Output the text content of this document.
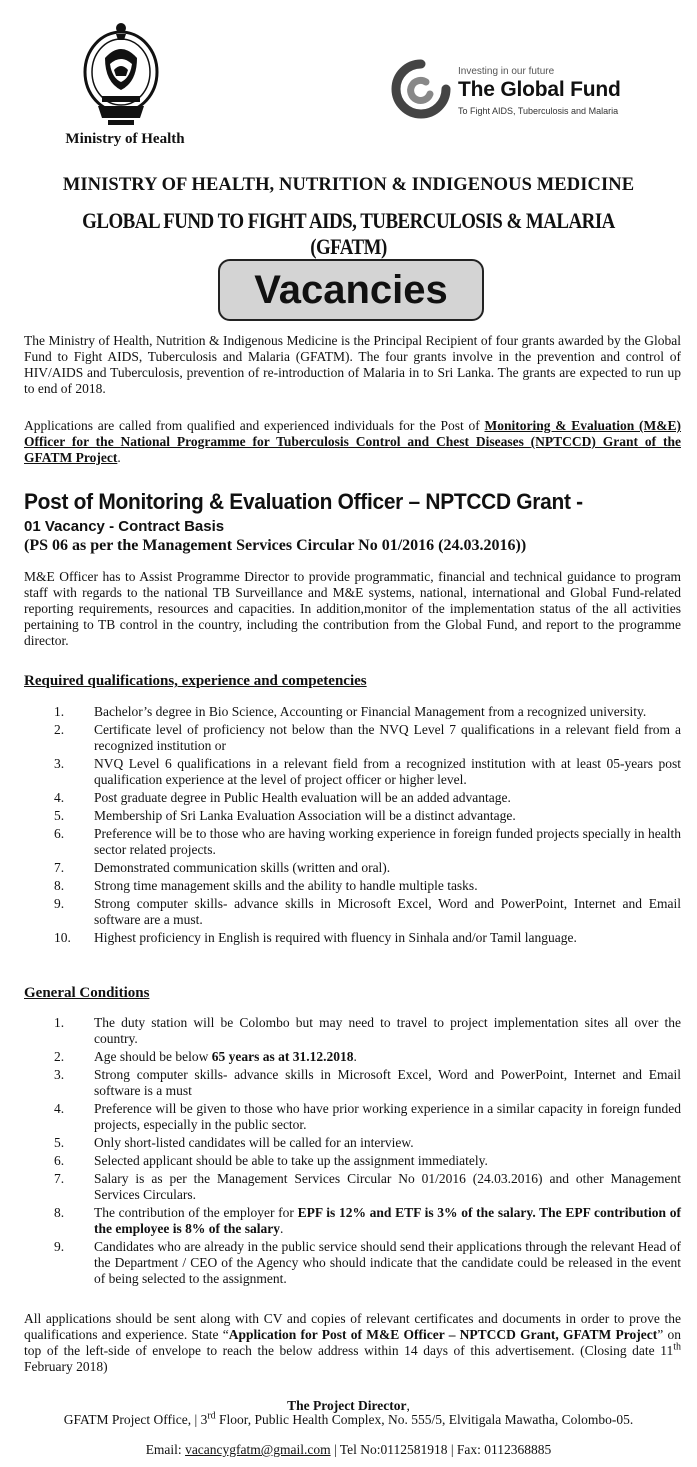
Ministry of Health
Investing in our future
The Global Fund
To Fight AIDS, Tuberculosis and Malaria
MINISTRY OF HEALTH, NUTRITION & INDIGENOUS MEDICINE
GLOBAL FUND TO FIGHT AIDS, TUBERCULOSIS & MALARIA (GFATM)
Vacancies
The Ministry of Health, Nutrition & Indigenous Medicine is the Principal Recipient of four grants awarded by the Global Fund to Fight AIDS, Tuberculosis and Malaria (GFATM). The four grants involve in the prevention and control of HIV/AIDS and Tuberculosis, prevention of re-introduction of Malaria in to Sri Lanka. The grants are expected to run up to end of 2018.
Applications are called from qualified and experienced individuals for the Post of Monitoring & Evaluation (M&E) Officer for the National Programme for Tuberculosis Control and Chest Diseases (NPTCCD) Grant of the GFATM Project.
Post of Monitoring & Evaluation Officer – NPTCCD Grant -
01 Vacancy - Contract Basis
(PS 06 as per the Management Services Circular No 01/2016 (24.03.2016))
M&E Officer has to Assist Programme Director to provide programmatic, financial and technical guidance to program staff with regards to the national TB Surveillance and M&E systems, national, international and Global Fund-related reporting requirements, resources and capacities. In addition,monitor of the implementation status of the all activities pertaining to TB control in the country, including the contribution from the Global Fund, and report to the programme director.
Required qualifications, experience and competencies
1.	Bachelor’s degree in Bio Science, Accounting or Financial Management from a recognized university.
2.	Certificate level of proficiency not below than the NVQ Level 7 qualifications in a relevant field from a recognized institution or
3.	NVQ Level 6 qualifications in a relevant field from a recognized institution with at least 05-years post qualification experience at the level of project officer or higher level.
4.	Post graduate degree in Public Health evaluation will be an added advantage.
5.	Membership of Sri Lanka Evaluation Association will be a distinct advantage.
6.	Preference will be to those who are having working experience in foreign funded projects specially in health sector related projects.
7.	Demonstrated communication skills (written and oral).
8.	Strong time management skills and the ability to handle multiple tasks.
9.	Strong computer skills- advance skills in Microsoft Excel, Word and PowerPoint, Internet and Email software are a must.
10.	Highest proficiency in English is required with fluency in Sinhala and/or Tamil language.
General Conditions
1.	The duty station will be Colombo but may need to travel to project implementation sites all over the country.
2.	Age should be below 65 years as at 31.12.2018.
3.	Strong computer skills- advance skills in Microsoft Excel, Word and PowerPoint, Internet and Email software is a must
4.	Preference will be given to those who have prior working experience in a similar capacity in foreign funded projects, especially in the public sector.
5.	Only short-listed candidates will be called for an interview.
6.	Selected applicant should be able to take up the assignment immediately.
7.	Salary is as per the Management Services Circular No 01/2016 (24.03.2016) and other Management Services Circulars.
8.	The contribution of the employer for EPF is 12% and ETF is 3% of the salary. The EPF contribution of the employee is 8% of the salary.
9.	Candidates who are already in the public service should send their applications through the relevant Head of the Department / CEO of the Agency who should indicate that the candidate could be released in the event of being selected to the assignment.
All applications should be sent along with CV and copies of relevant certificates and documents in order to prove the qualifications and experience. State “Application for Post of M&E Officer – NPTCCD Grant, GFATM Project” on top of the left-side of envelope to reach the below address within 14 days of this advertisement. (Closing date 11th February 2018)
The Project Director,
GFATM Project Office, | 3rd Floor, Public Health Complex, No. 555/5, Elvitigala Mawatha, Colombo-05.
Email: vacancygfatm@gmail.com | Tel No:0112581918 | Fax: 0112368885
